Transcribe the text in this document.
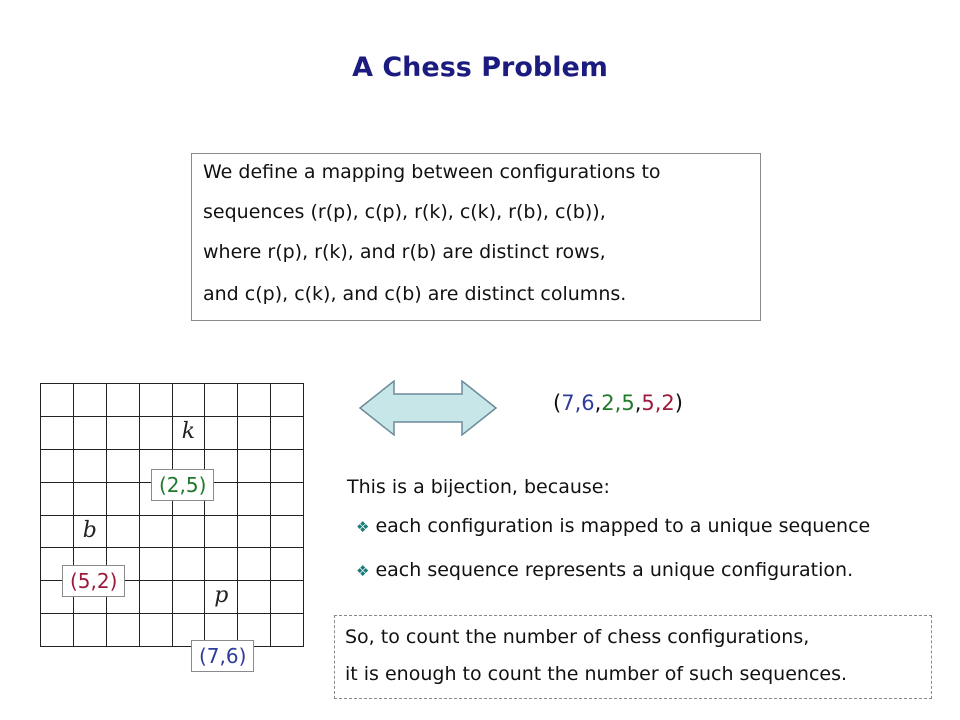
A Chess Problem
We define a mapping between configurations to
sequences (r(p), c(p), r(k), c(k), r(b), c(b)),
where r(p), r(k), and r(b) are distinct rows,
and c(p), c(k), and c(b) are distinct columns.
k
b
p
(2,5)
(5,2)
(7,6)
(7,6,2,5,5,2)
This is a bijection, because:
❖ each configuration is mapped to a unique sequence
❖ each sequence represents a unique configuration.
So, to count the number of chess configurations,
it is enough to count the number of such sequences.
